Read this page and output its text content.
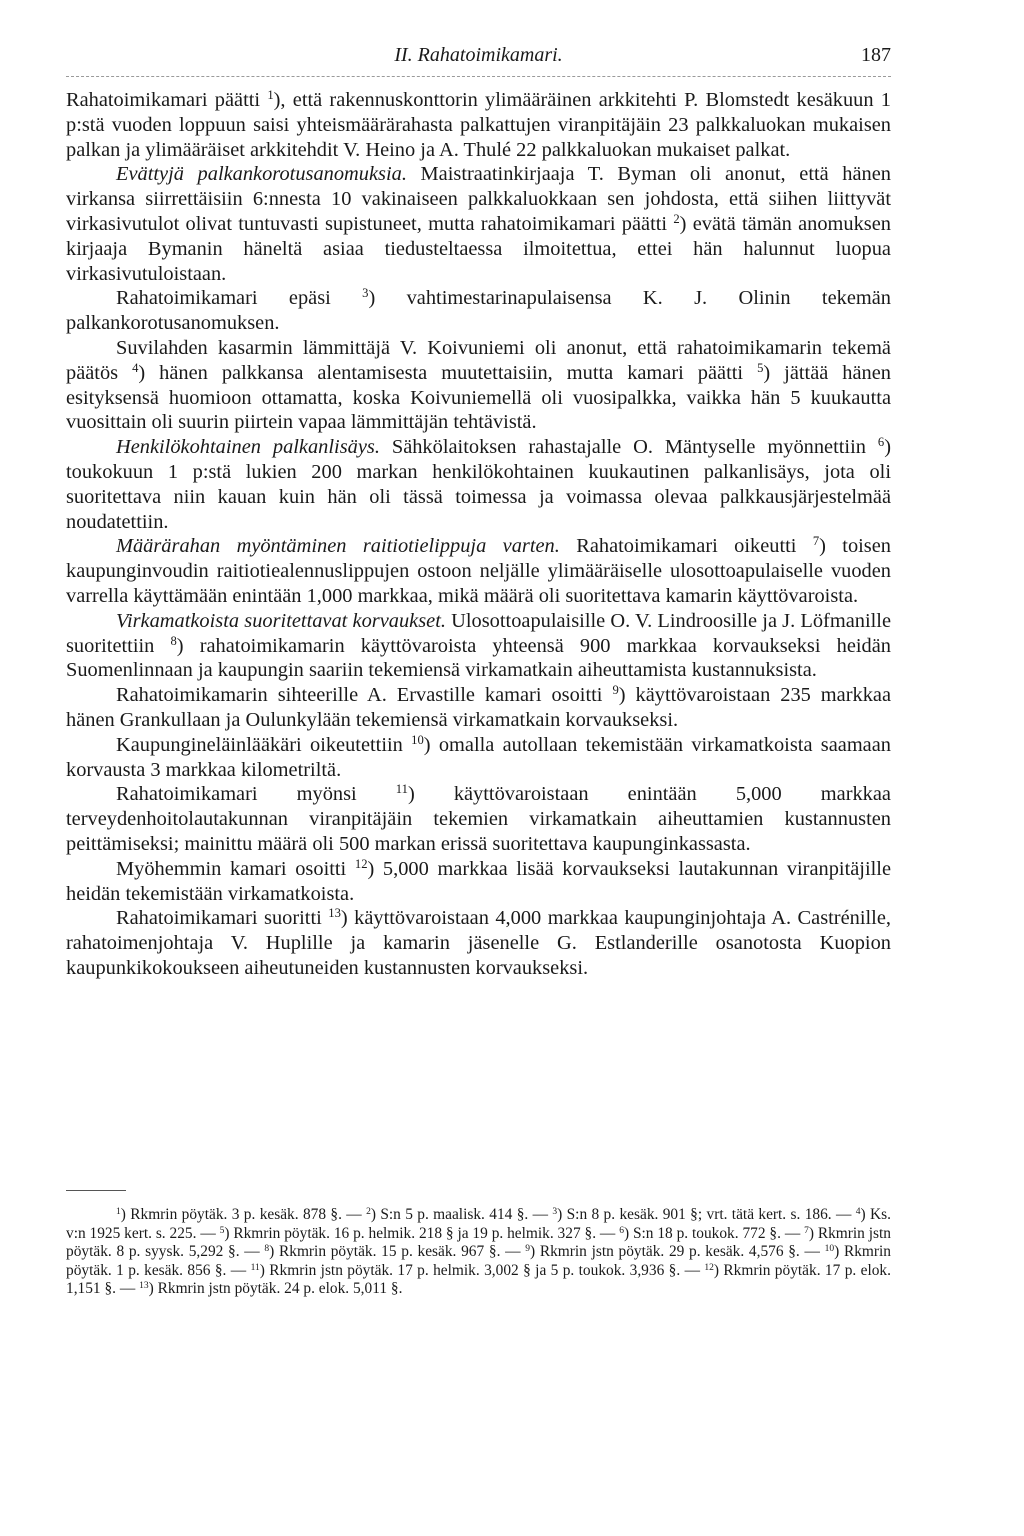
II. Rahatoimikamari.	187

Rahatoimikamari päätti $^1$), että rakennuskonttorin ylimääräinen arkkitehti P. Blomstedt kesäkuun 1 p:stä vuoden loppuun saisi yhteismäärärahasta palkattujen viranpitäjäin 23 palkkaluokan mukaisen palkan ja ylimääräiset arkkitehdit V. Heino ja A. Thulé 22 palkkaluokan mukaiset palkat.

Evättyjä palkankorotusanomuksia. Maistraatinkirjaaja T. Byman oli anonut, että hänen virkansa siirrettäisiin 6:nnesta 10 vakinaiseen palkkaluokkaan sen johdosta, että siihen liittyvät virkasivutulot olivat tuntuvasti supistuneet, mutta rahatoimikamari päätti $^2$) evätä tämän anomuksen kirjaaja Bymanin häneltä asiaa tiedusteltaessa ilmoitettua, ettei hän halunnut luopua virkasivutuloistaan.

Rahatoimikamari epäsi $^3$) vahtimestarinapulaisensa K. J. Olinin tekemän palkankorotusanomuksen.

Suvilahden kasarmin lämmittäjä V. Koivuniemi oli anonut, että rahatoimikamarin tekemä päätös $^4$) hänen palkkansa alentamisesta muutettaisiin, mutta kamari päätti $^5$) jättää hänen esityksensä huomioon ottamatta, koska Koivuniemellä oli vuosipalkka, vaikka hän 5 kuukautta vuosittain oli suurin piirtein vapaa lämmittäjän tehtävistä.

Henkilökohtainen palkanlisäys. Sähkölaitoksen rahastajalle O. Mäntyselle myönnettiin $^6$) toukokuun 1 p:stä lukien 200 markan henkilökohtainen kuukautinen palkanlisäys, jota oli suoritettava niin kauan kuin hän oli tässä toimessa ja voimassa olevaa palkkausjärjestelmää noudatettiin.

Määrärahan myöntäminen raitiotielippuja varten. Rahatoimikamari oikeutti $^7$) toisen kaupunginvoudin raitiotiealennuslippujen ostoon neljälle ylimääräiselle ulosottoapulaiselle vuoden varrella käyttämään enintään 1,000 markkaa, mikä määrä oli suoritettava kamarin käyttövaroista.

Virkamatkoista suoritettavat korvaukset. Ulosottoapulaisille O. V. Lindroosille ja J. Löfmanille suoritettiin $^8$) rahatoimikamarin käyttövaroista yhteensä 900 markkaa korvaukseksi heidän Suomenlinnaan ja kaupungin saariin tekemiensä virkamatkain aiheuttamista kustannuksista.

Rahatoimikamarin sihteerille A. Ervastille kamari osoitti $^9$) käyttövaroistaan 235 markkaa hänen Grankullaan ja Oulunkylään tekemiensä virkamatkain korvaukseksi.

Kaupungineläinlääkäri oikeutettiin $^{10}$) omalla autollaan tekemistään virkamatkoista saamaan korvausta 3 markkaa kilometriltä.

Rahatoimikamari myönsi $^{11}$) käyttövaroistaan enintään 5,000 markkaa terveydenhoitolautakunnan viranpitäjäin tekemien virkamatkain aiheuttamien kustannusten peittämiseksi; mainittu määrä oli 500 markan erissä suoritettava kaupunginkassasta.

Myöhemmin kamari osoitti $^{12}$) 5,000 markkaa lisää korvaukseksi lautakunnan viranpitäjille heidän tekemistään virkamatkoista.

Rahatoimikamari suoritti $^{13}$) käyttövaroistaan 4,000 markkaa kaupunginjohtaja A. Castrénille, rahatoimenjohtaja V. Huplille ja kamarin jäsenelle G. Estlanderille osanotosta Kuopion kaupunkikokoukseen aiheutuneiden kustannusten korvaukseksi.

$^1$) Rkmrin pöytäk. 3 p. kesäk. 878 §. — $^2$) S:n 5 p. maalisk. 414 §. — $^3$) S:n 8 p. kesäk. 901 §; vrt. tätä kert. s. 186. — $^4$) Ks. v:n 1925 kert. s. 225. — $^5$) Rkmrin pöytäk. 16 p. helmik. 218 § ja 19 p. helmik. 327 §. — $^6$) S:n 18 p. toukok. 772 §. — $^7$) Rkmrin jstn pöytäk. 8 p. syysk. 5,292 §. — $^8$) Rkmrin pöytäk. 15 p. kesäk. 967 §. — $^9$) Rkmrin jstn pöytäk. 29 p. kesäk. 4,576 §. — $^{10}$) Rkmrin pöytäk. 1 p. kesäk. 856 §. — $^{11}$) Rkmrin jstn pöytäk. 17 p. helmik. 3,002 § ja 5 p. toukok. 3,936 §. — $^{12}$) Rkmrin pöytäk. 17 p. elok. 1,151 §. — $^{13}$) Rkmrin jstn pöytäk. 24 p. elok. 5,011 §.
